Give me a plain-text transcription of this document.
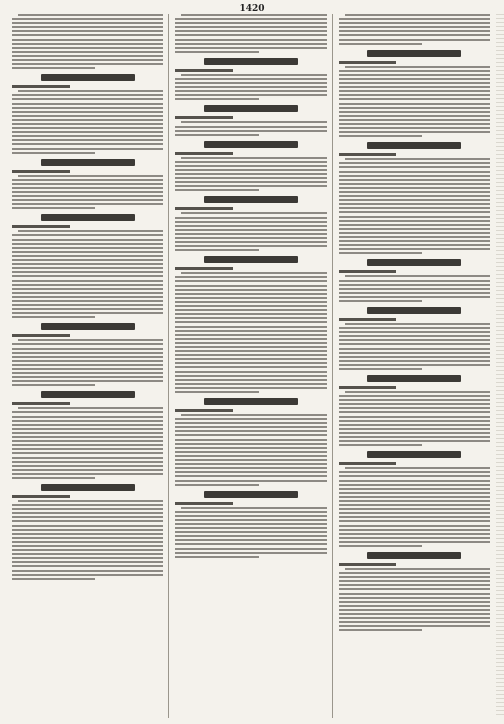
1420
